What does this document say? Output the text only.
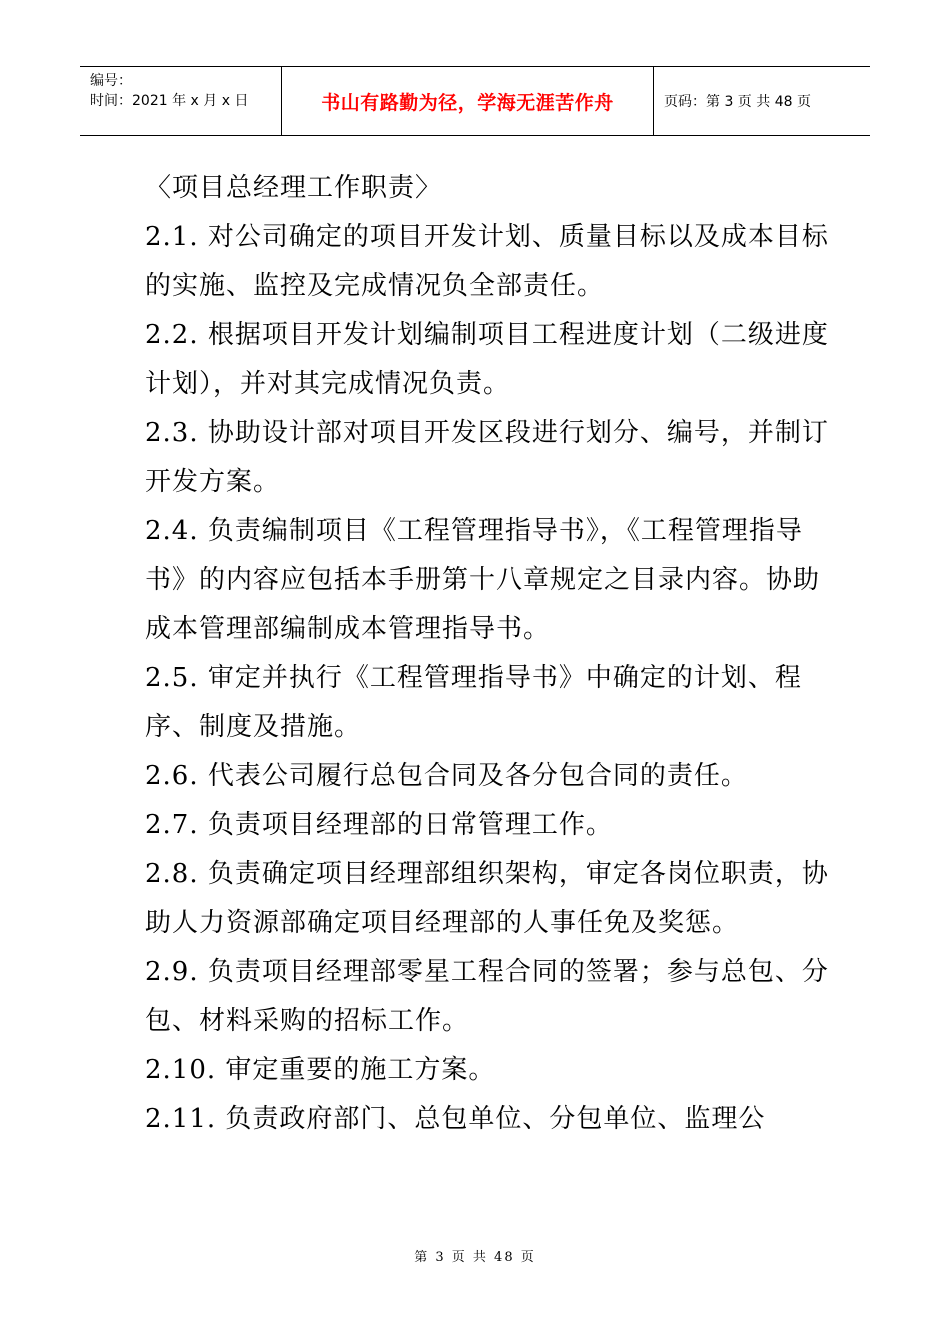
编号：
时间：2021 年 x 月 x 日	书山有路勤为径，学海无涯苦作舟	页码：第 3 页 共 48 页

〈项目总经理工作职责〉

2.1. 对公司确定的项目开发计划、质量目标以及成本目标的实施、监控及完成情况负全部责任。

2.2. 根据项目开发计划编制项目工程进度计划（二级进度计划），并对其完成情况负责。

2.3. 协助设计部对项目开发区段进行划分、编号，并制订开发方案。

2.4. 负责编制项目《工程管理指导书》，《工程管理指导书》的内容应包括本手册第十八章规定之目录内容。协助成本管理部编制成本管理指导书。

2.5. 审定并执行《工程管理指导书》中确定的计划、程序、制度及措施。

2.6. 代表公司履行总包合同及各分包合同的责任。

2.7. 负责项目经理部的日常管理工作。

2.8. 负责确定项目经理部组织架构，审定各岗位职责，协助人力资源部确定项目经理部的人事任免及奖惩。

2.9. 负责项目经理部零星工程合同的签署；参与总包、分包、材料采购的招标工作。

2.10. 审定重要的施工方案。

2.11. 负责政府部门、总包单位、分包单位、监理公

第 3 页 共 48 页
